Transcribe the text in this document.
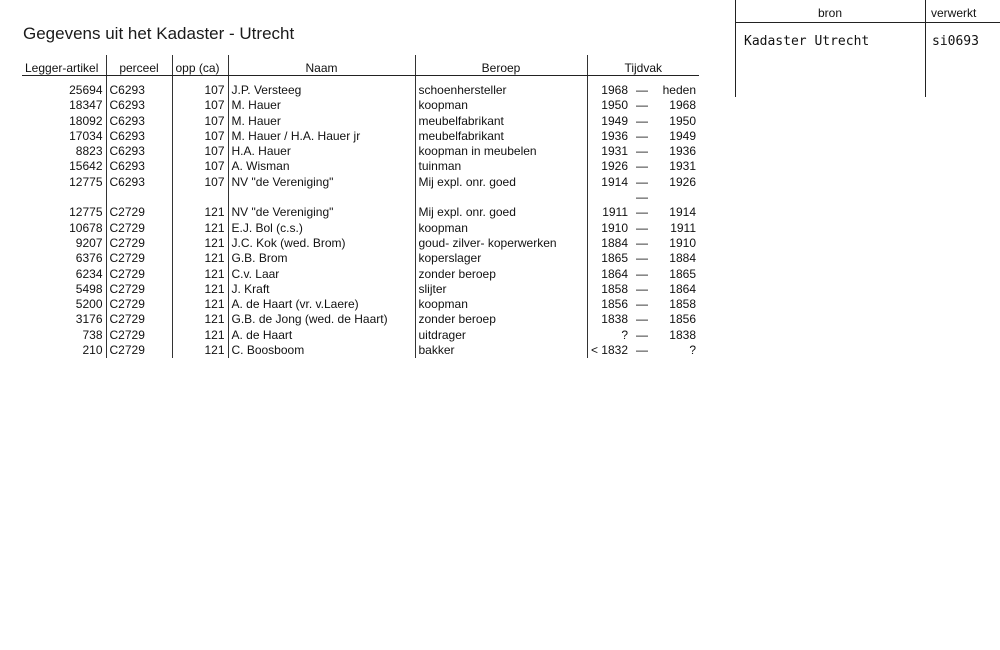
Gegevens uit het Kadaster - Utrecht
Legger-artikel	perceel	opp (ca)	Naam	Beroep	Tijdvak		
25694	C6293	107	J.P. Versteeg	schoenhersteller	1968	—	heden
18347	C6293	107	M. Hauer	koopman	1950	—	1968
18092	C6293	107	M. Hauer	meubelfabrikant	1949	—	1950
17034	C6293	107	M. Hauer / H.A. Hauer jr	meubelfabrikant	1936	—	1949
8823	C6293	107	H.A. Hauer	koopman in meubelen	1931	—	1936
15642	C6293	107	A. Wisman	tuinman	1926	—	1931
12775	C6293	107	NV "de Vereniging"	Mij expl. onr. goed	1914	—	1926
						—	
12775	C2729	121	NV "de Vereniging"	Mij expl. onr. goed	1911	—	1914
10678	C2729	121	E.J. Bol (c.s.)	koopman	1910	—	1911
9207	C2729	121	J.C. Kok (wed. Brom)	goud- zilver- koperwerken	1884	—	1910
6376	C2729	121	G.B. Brom	koperslager	1865	—	1884
6234	C2729	121	C.v. Laar	zonder beroep	1864	—	1865
5498	C2729	121	J. Kraft	slijter	1858	—	1864
5200	C2729	121	A. de Haart (vr. v.Laere)	koopman	1856	—	1858
3176	C2729	121	G.B. de Jong (wed. de Haart)	zonder beroep	1838	—	1856
738	C2729	121	A. de Haart	uitdrager	?	—	1838
210	C2729	121	C. Boosboom	bakker	< 1832	—	?
bron	verwerkt
Kadaster Utrecht	si0693
